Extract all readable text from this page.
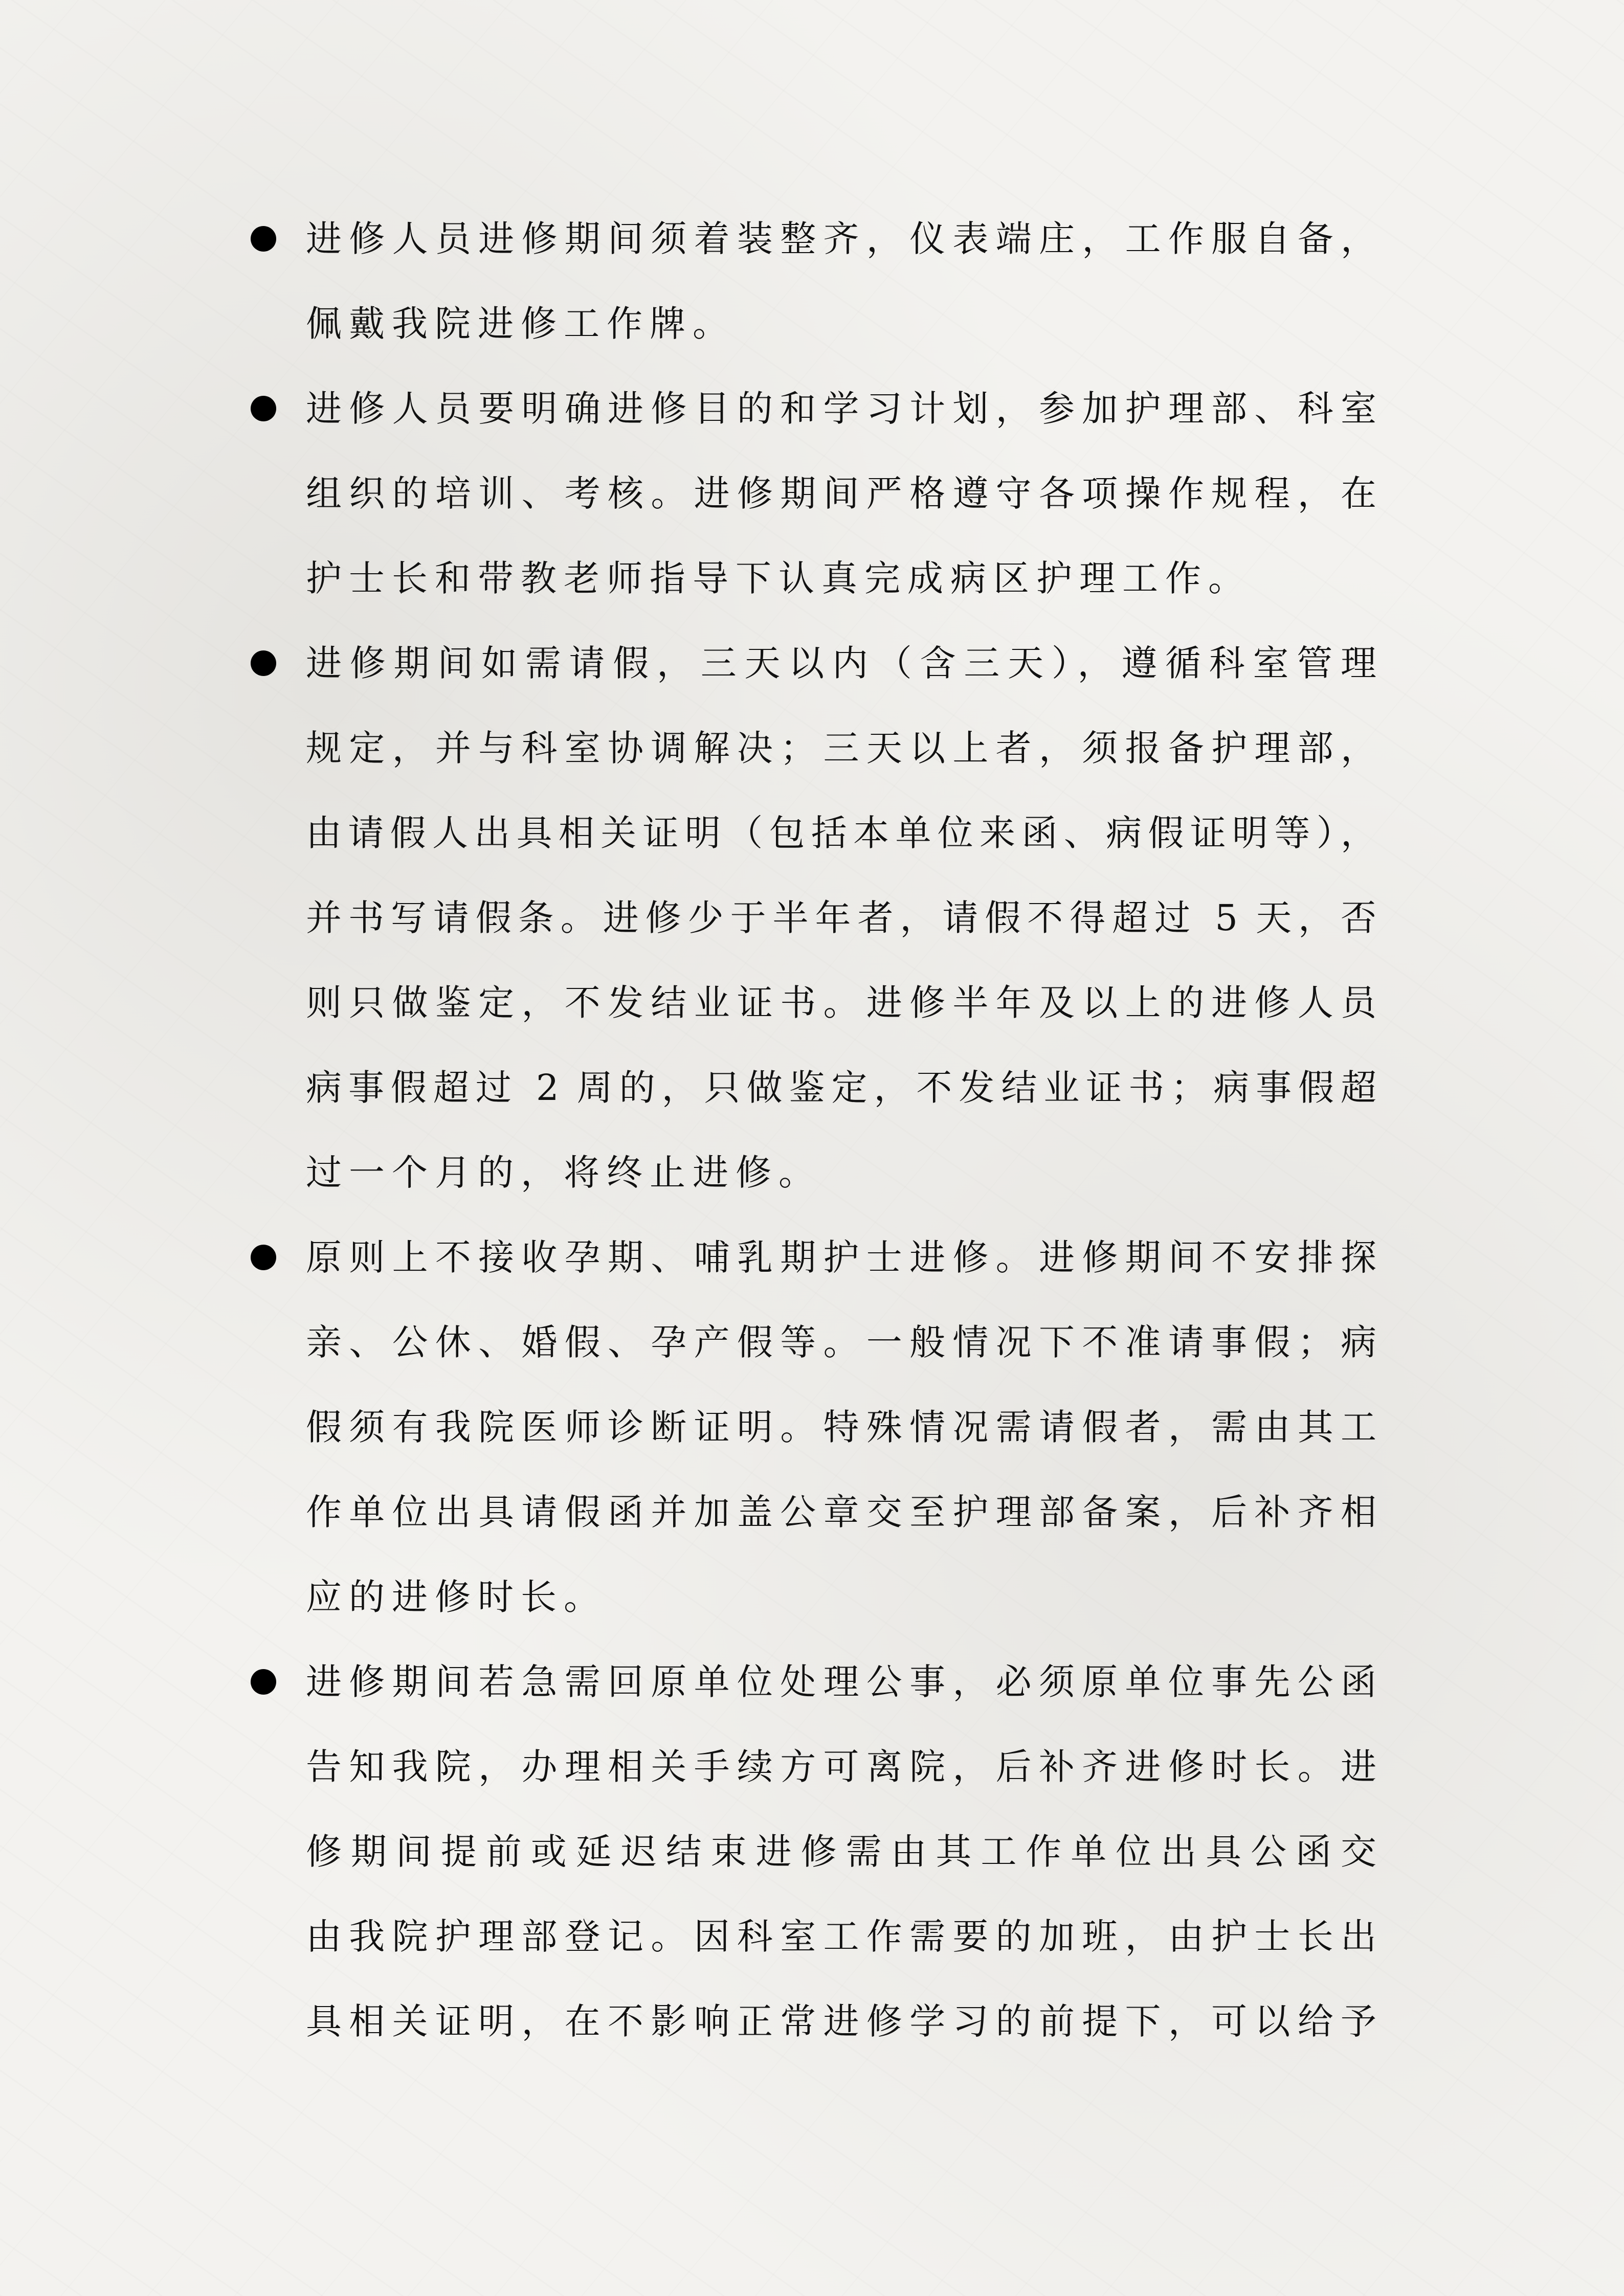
进修人员进修期间须着装整齐，仪表端庄，工作服自备，
佩戴我院进修工作牌。
进修人员要明确进修目的和学习计划，参加护理部、科室
组织的培训、考核。进修期间严格遵守各项操作规程，在
护士长和带教老师指导下认真完成病区护理工作。
进修期间如需请假，三天以内（含三天），遵循科室管理
规定，并与科室协调解决；三天以上者，须报备护理部，
由请假人出具相关证明（包括本单位来函、病假证明等），
并书写请假条。进修少于半年者，请假不得超过 5 天，否
则只做鉴定，不发结业证书。进修半年及以上的进修人员
病事假超过 2 周的，只做鉴定，不发结业证书；病事假超
过一个月的，将终止进修。
原则上不接收孕期、哺乳期护士进修。进修期间不安排探
亲、公休、婚假、孕产假等。一般情况下不准请事假；病
假须有我院医师诊断证明。特殊情况需请假者，需由其工
作单位出具请假函并加盖公章交至护理部备案，后补齐相
应的进修时长。
进修期间若急需回原单位处理公事，必须原单位事先公函
告知我院，办理相关手续方可离院，后补齐进修时长。进
修期间提前或延迟结束进修需由其工作单位出具公函交
由我院护理部登记。因科室工作需要的加班，由护士长出
具相关证明，在不影响正常进修学习的前提下，可以给予
